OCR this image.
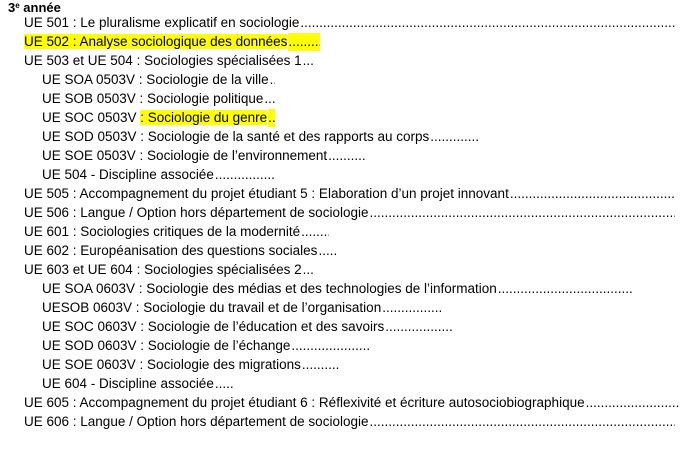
3e année
UE 501 : Le pluralisme explicatif en sociologie
.....
UE 502 : Analyse sociologique des données
.....
UE 503 et UE 504 : Sociologies spécialisées 1
.....
UE SOA 0503V : Sociologie de la ville
.....
UE SOB 0503V : Sociologie politique
.....
UE SOC 0503V : Sociologie du genre
.....
UE SOD 0503V : Sociologie de la santé et des rapports au corps
.....
UE SOE 0503V : Sociologie de l’environnement
.....
UE 504 - Discipline associée
.....
UE 505 : Accompagnement du projet étudiant 5 : Elaboration d’un projet innovant
.....
UE 506 : Langue / Option hors département de sociologie
.....
UE 601 : Sociologies critiques de la modernité
.....
UE 602 : Européanisation des questions sociales
.....
UE 603 et UE 604 : Sociologies spécialisées 2
.....
UE SOA 0603V : Sociologie des médias et des technologies de l’information
.....
UESOB 0603V : Sociologie du travail et de l’organisation
.....
UE SOC 0603V : Sociologie de l’éducation et des savoirs
.....
UE SOD 0603V : Sociologie de l’échange
.....
UE SOE 0603V : Sociologie des migrations
.....
UE 604 - Discipline associée
.....
UE 605 : Accompagnement du projet étudiant 6 : Réflexivité et écriture autosociobiographique
.....
UE 606 : Langue / Option hors département de sociologie
.....
